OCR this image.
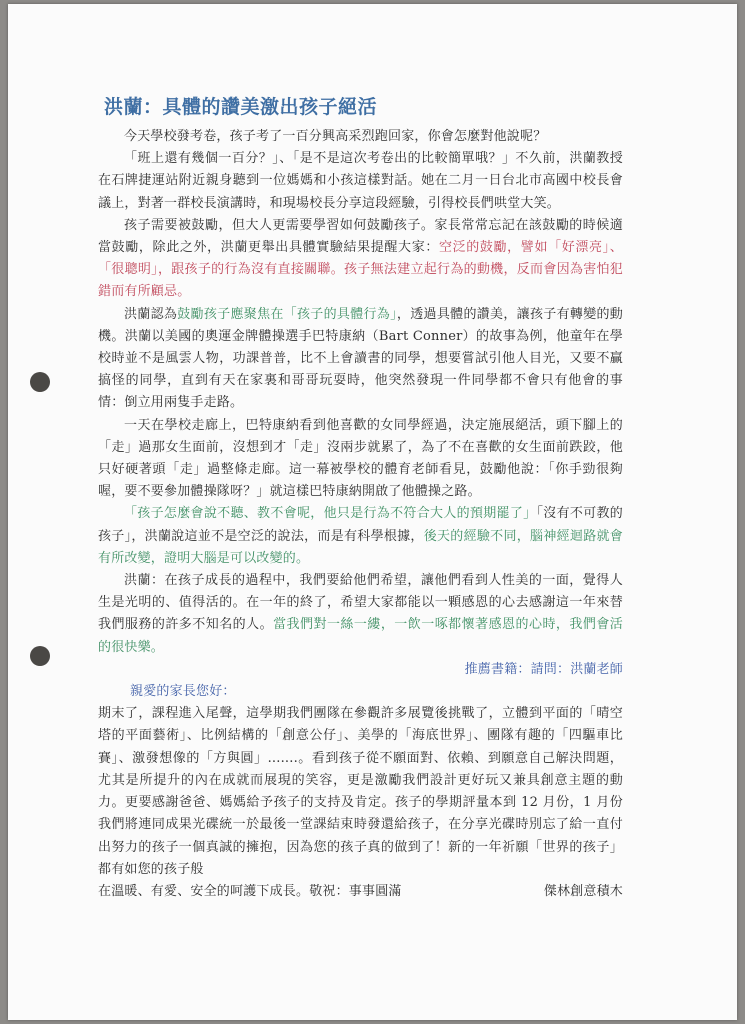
洪蘭：具體的讚美激出孩子絕活

今天學校發考卷，孩子考了一百分興高采烈跑回家，你會怎麼對他說呢？

「班上還有幾個一百分？」、「是不是這次考卷出的比較簡單哦？」不久前，洪蘭教授在石牌捷運站附近親身聽到一位媽媽和小孩這樣對話。她在二月一日台北市高國中校長會議上，對著一群校長演講時，和現場校長分享這段經驗，引得校長們哄堂大笑。

孩子需要被鼓勵，但大人更需要學習如何鼓勵孩子。家長常常忘記在該鼓勵的時候適當鼓勵，除此之外，洪蘭更舉出具體實驗結果提醒大家：空泛的鼓勵，譬如「好漂亮」、「很聰明」，跟孩子的行為沒有直接關聯。孩子無法建立起行為的動機，反而會因為害怕犯錯而有所顧忌。

洪蘭認為鼓勵孩子應聚焦在「孩子的具體行為」，透過具體的讚美，讓孩子有轉變的動機。洪蘭以美國的奧運金牌體操選手巴特康納（Bart Conner）的故事為例，他童年在學校時並不是風雲人物，功課普普，比不上會讀書的同學，想要嘗試引他人目光，又要不贏搞怪的同學，直到有天在家裏和哥哥玩耍時，他突然發現一件同學都不會只有他會的事情：倒立用兩隻手走路。

一天在學校走廊上，巴特康納看到他喜歡的女同學經過，決定施展絕活，頭下腳上的「走」過那女生面前，沒想到才「走」沒兩步就累了，為了不在喜歡的女生面前跌跤，他只好硬著頭「走」過整條走廊。這一幕被學校的體育老師看見，鼓勵他說：「你手勁很夠喔，要不要參加體操隊呀？」就這樣巴特康納開啟了他體操之路。

「孩子怎麼會說不聽、教不會呢，他只是行為不符合大人的預期罷了」「沒有不可教的孩子」，洪蘭說這並不是空泛的說法，而是有科學根據，後天的經驗不同，腦神經迴路就會有所改變，證明大腦是可以改變的。

洪蘭：在孩子成長的過程中，我們要給他們希望，讓他們看到人性美的一面，覺得人生是光明的、值得活的。在一年的終了，希望大家都能以一顆感恩的心去感謝這一年來替我們服務的許多不知名的人。當我們對一絲一縷，一飲一啄都懷著感恩的心時，我們會活的很快樂。

推薦書籍：請問：洪蘭老師
親愛的家長您好：

期末了，課程進入尾聲，這學期我們團隊在參觀許多展覽後挑戰了，立體到平面的「晴空塔的平面藝術」、比例結構的「創意公仔」、美學的「海底世界」、團隊有趣的「四驅車比賽」、激發想像的「方與圓」.......。看到孩子從不願面對、依賴、到願意自己解決問題，尤其是所提升的內在成就而展現的笑容，更是激勵我們設計更好玩又兼具創意主題的動力。更要感謝爸爸、媽媽給予孩子的支持及肯定。孩子的學期評量本到 12 月份，1 月份我們將連同成果光碟統一於最後一堂課結束時發還給孩子，在分享光碟時別忘了給一直付出努力的孩子一個真誠的擁抱，因為您的孩子真的做到了！新的一年祈願「世界的孩子」都有如您的孩子般

在溫暖、有愛、安全的呵護下成長。敬祝：事事圓滿	傑林創意積木
